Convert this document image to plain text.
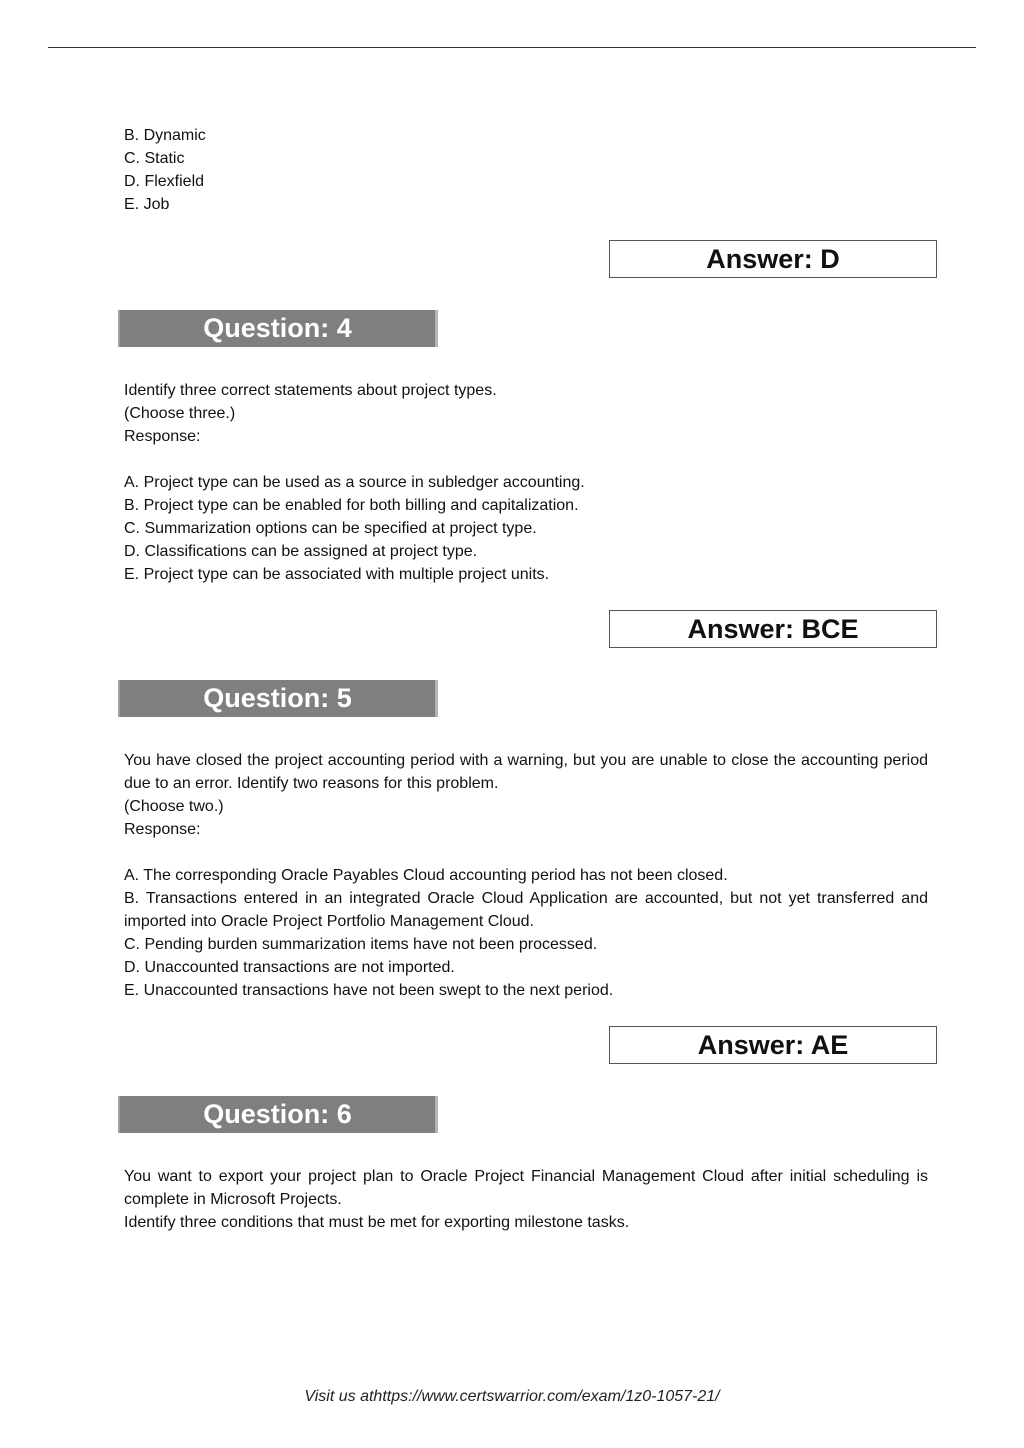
B. Dynamic

C. Static

D. Flexfield

E. Job

Answer: D
Question: 4

Identify three correct statements about project types.

(Choose three.)

Response:

A. Project type can be used as a source in subledger accounting.

B. Project type can be enabled for both billing and capitalization.

C. Summarization options can be specified at project type.

D. Classifications can be assigned at project type.

E. Project type can be associated with multiple project units.

Answer: BCE
Question: 5

You have closed the project accounting period with a warning, but you are unable to close the accounting period due to an error. Identify two reasons for this problem.

(Choose two.)

Response:

A. The corresponding Oracle Payables Cloud accounting period has not been closed.

B. Transactions entered in an integrated Oracle Cloud Application are accounted, but not yet transferred and imported into Oracle Project Portfolio Management Cloud.

C. Pending burden summarization items have not been processed.

D. Unaccounted transactions are not imported.

E. Unaccounted transactions have not been swept to the next period.

Answer: AE
Question: 6

You want to export your project plan to Oracle Project Financial Management Cloud after initial scheduling is complete in Microsoft Projects.

Identify three conditions that must be met for exporting milestone tasks.

Visit us athttps://www.certswarrior.com/exam/1z0-1057-21/
